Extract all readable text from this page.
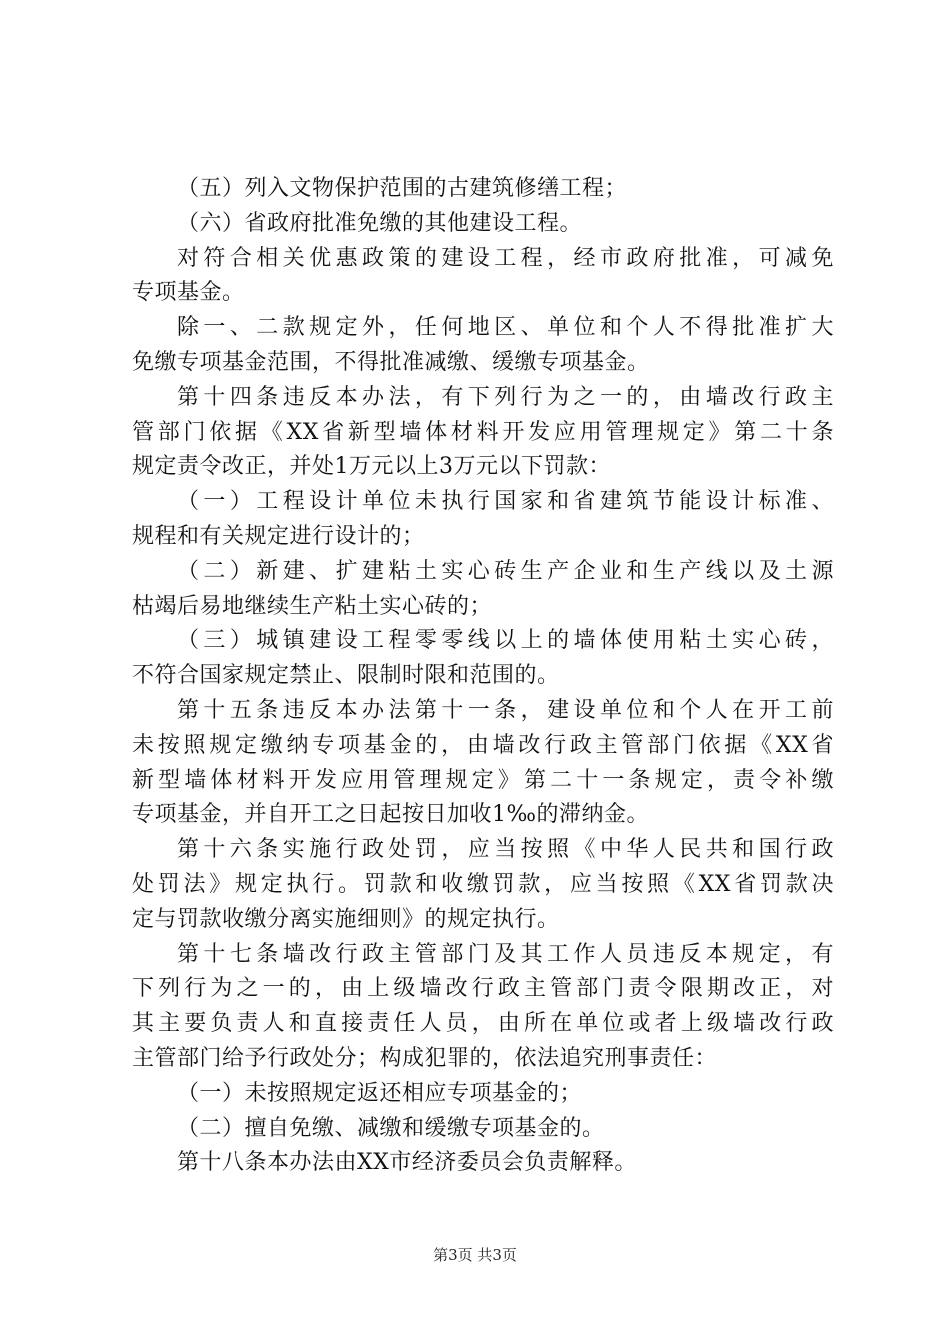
（五）列入文物保护范围的古建筑修缮工程；
（六）省政府批准免缴的其他建设工程。
对符合相关优惠政策的建设工程，经市政府批准，可减免
专项基金。
除一、二款规定外，任何地区、单位和个人不得批准扩大
免缴专项基金范围，不得批准减缴、缓缴专项基金。
第十四条违反本办法，有下列行为之一的，由墙改行政主
管部门依据《XX省新型墙体材料开发应用管理规定》第二十条
规定责令改正，并处1万元以上3万元以下罚款：
（一）工程设计单位未执行国家和省建筑节能设计标准、
规程和有关规定进行设计的；
（二）新建、扩建粘土实心砖生产企业和生产线以及土源
枯竭后易地继续生产粘土实心砖的；
（三）城镇建设工程零零线以上的墙体使用粘土实心砖，
不符合国家规定禁止、限制时限和范围的。
第十五条违反本办法第十一条，建设单位和个人在开工前
未按照规定缴纳专项基金的，由墙改行政主管部门依据《XX省
新型墙体材料开发应用管理规定》第二十一条规定，责令补缴
专项基金，并自开工之日起按日加收1‰的滞纳金。
第十六条实施行政处罚，应当按照《中华人民共和国行政
处罚法》规定执行。罚款和收缴罚款，应当按照《XX省罚款决
定与罚款收缴分离实施细则》的规定执行。
第十七条墙改行政主管部门及其工作人员违反本规定，有
下列行为之一的，由上级墙改行政主管部门责令限期改正，对
其主要负责人和直接责任人员，由所在单位或者上级墙改行政
主管部门给予行政处分；构成犯罪的，依法追究刑事责任：
（一）未按照规定返还相应专项基金的；
（二）擅自免缴、减缴和缓缴专项基金的。
第十八条本办法由XX市经济委员会负责解释。
第3页 共3页
